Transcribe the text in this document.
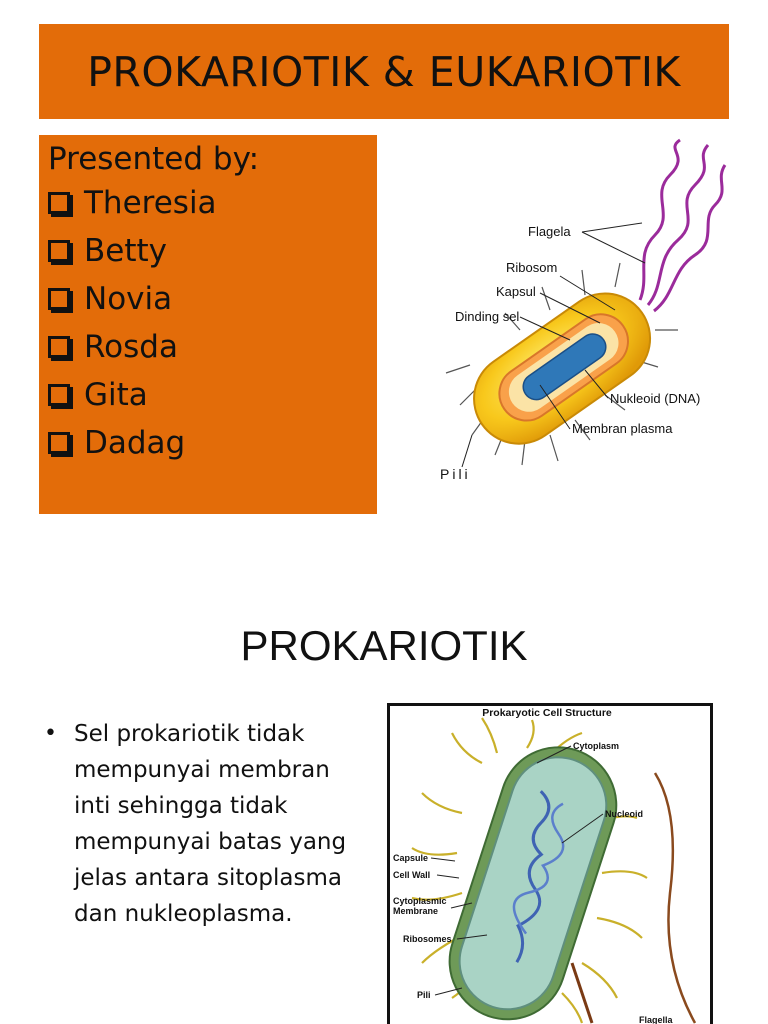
PROKARIOTIK & EUKARIOTIK
Presented by:
Theresia
Betty
Novia
Rosda
Gita
Dadag
Flagela
Ribosom
Kapsul
Dinding sel
Nukleoid (DNA)
Membran plasma
Pili
PROKARIOTIK
• Sel prokariotik tidak
mempunyai membran
inti sehingga tidak
mempunyai batas yang
jelas antara sitoplasma
dan nukleoplasma.
Prokaryotic Cell Structure
Cytoplasm
Nucleoid
Capsule
Cell Wall
Cytoplasmic
Membrane
Ribosomes
Pili
Flagella
